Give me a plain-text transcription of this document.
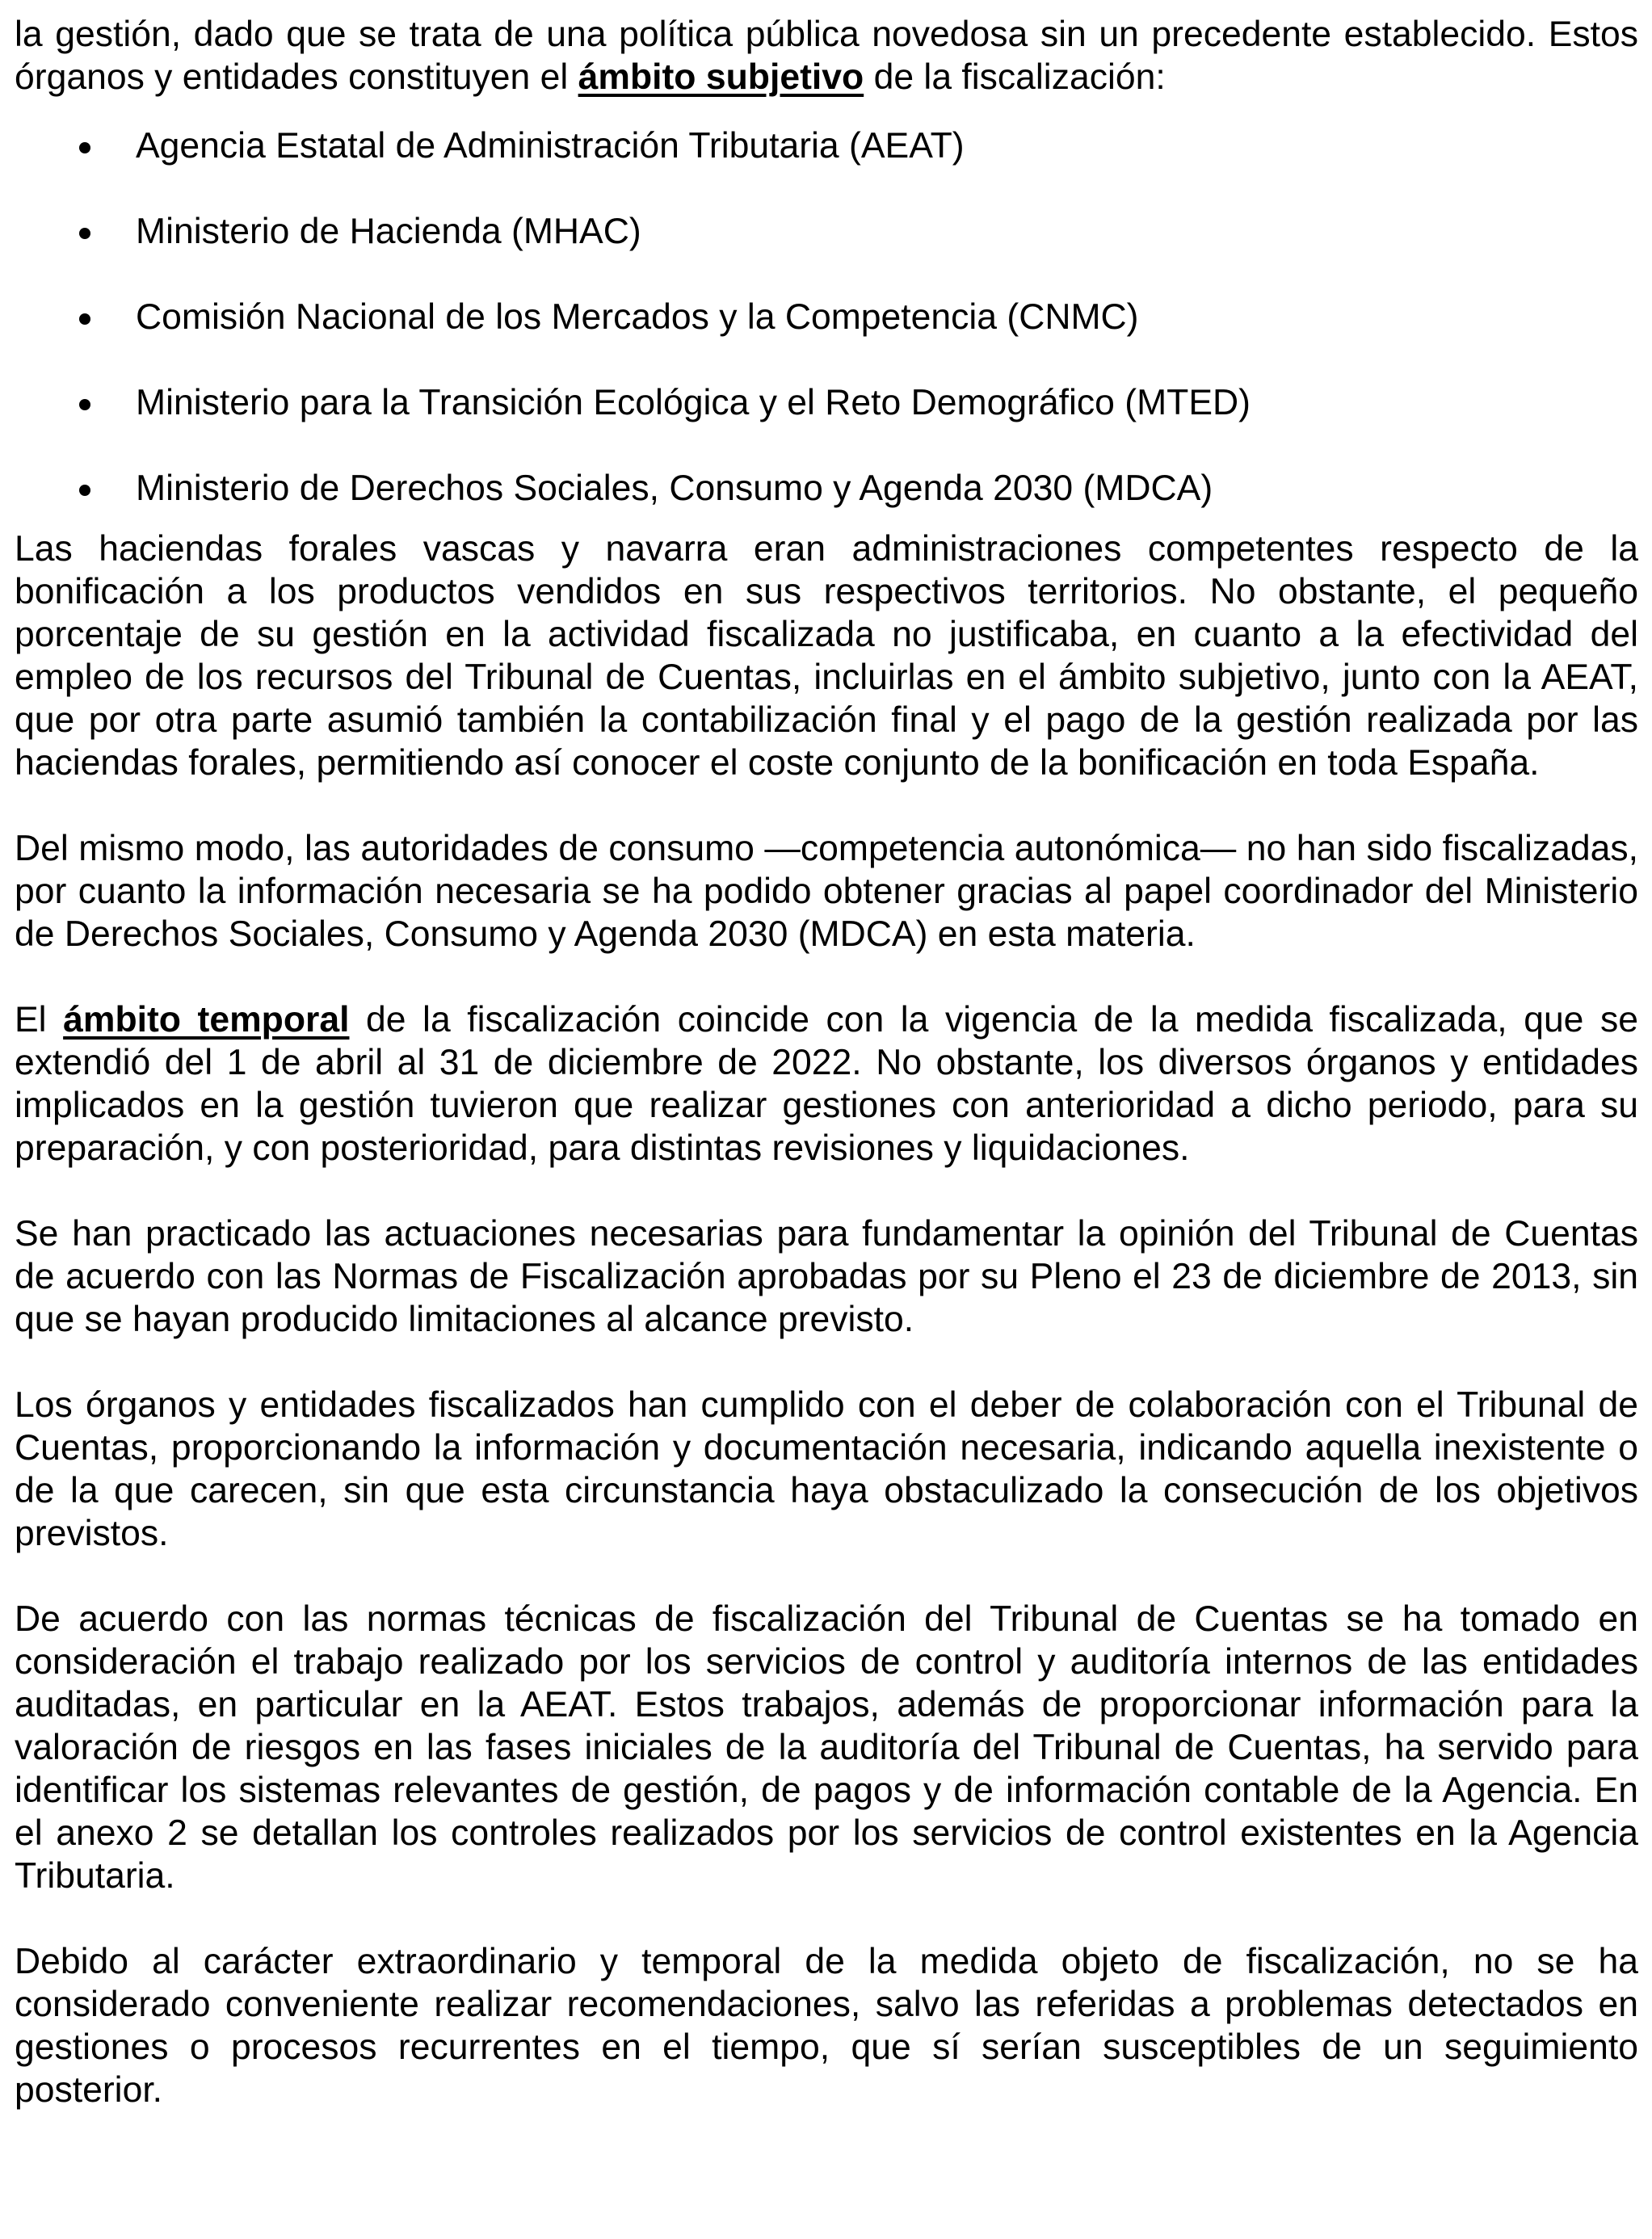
la gestión, dado que se trata de una política pública novedosa sin un precedente establecido. Estos órganos y entidades constituyen el ámbito subjetivo de la fiscalización:

Agencia Estatal de Administración Tributaria (AEAT)
Ministerio de Hacienda (MHAC)
Comisión Nacional de los Mercados y la Competencia (CNMC)
Ministerio para la Transición Ecológica y el Reto Demográfico (MTED)
Ministerio de Derechos Sociales, Consumo y Agenda 2030 (MDCA)

Las haciendas forales vascas y navarra eran administraciones competentes respecto de la bonificación a los productos vendidos en sus respectivos territorios. No obstante, el pequeño porcentaje de su gestión en la actividad fiscalizada no justificaba, en cuanto a la efectividad del empleo de los recursos del Tribunal de Cuentas, incluirlas en el ámbito subjetivo, junto con la AEAT, que por otra parte asumió también la contabilización final y el pago de la gestión realizada por las haciendas forales, permitiendo así conocer el coste conjunto de la bonificación en toda España.

Del mismo modo, las autoridades de consumo —competencia autonómica— no han sido fiscalizadas, por cuanto la información necesaria se ha podido obtener gracias al papel coordinador del Ministerio de Derechos Sociales, Consumo y Agenda 2030 (MDCA) en esta materia.

El ámbito temporal de la fiscalización coincide con la vigencia de la medida fiscalizada, que se extendió del 1 de abril al 31 de diciembre de 2022. No obstante, los diversos órganos y entidades implicados en la gestión tuvieron que realizar gestiones con anterioridad a dicho periodo, para su preparación, y con posterioridad, para distintas revisiones y liquidaciones.

Se han practicado las actuaciones necesarias para fundamentar la opinión del Tribunal de Cuentas de acuerdo con las Normas de Fiscalización aprobadas por su Pleno el 23 de diciembre de 2013, sin que se hayan producido limitaciones al alcance previsto.

Los órganos y entidades fiscalizados han cumplido con el deber de colaboración con el Tribunal de Cuentas, proporcionando la información y documentación necesaria, indicando aquella inexistente o de la que carecen, sin que esta circunstancia haya obstaculizado la consecución de los objetivos previstos.

De acuerdo con las normas técnicas de fiscalización del Tribunal de Cuentas se ha tomado en consideración el trabajo realizado por los servicios de control y auditoría internos de las entidades auditadas, en particular en la AEAT. Estos trabajos, además de proporcionar información para la valoración de riesgos en las fases iniciales de la auditoría del Tribunal de Cuentas, ha servido para identificar los sistemas relevantes de gestión, de pagos y de información contable de la Agencia. En el anexo 2 se detallan los controles realizados por los servicios de control existentes en la Agencia Tributaria.

Debido al carácter extraordinario y temporal de la medida objeto de fiscalización, no se ha considerado conveniente realizar recomendaciones, salvo las referidas a problemas detectados en gestiones o procesos recurrentes en el tiempo, que sí serían susceptibles de un seguimiento posterior.
